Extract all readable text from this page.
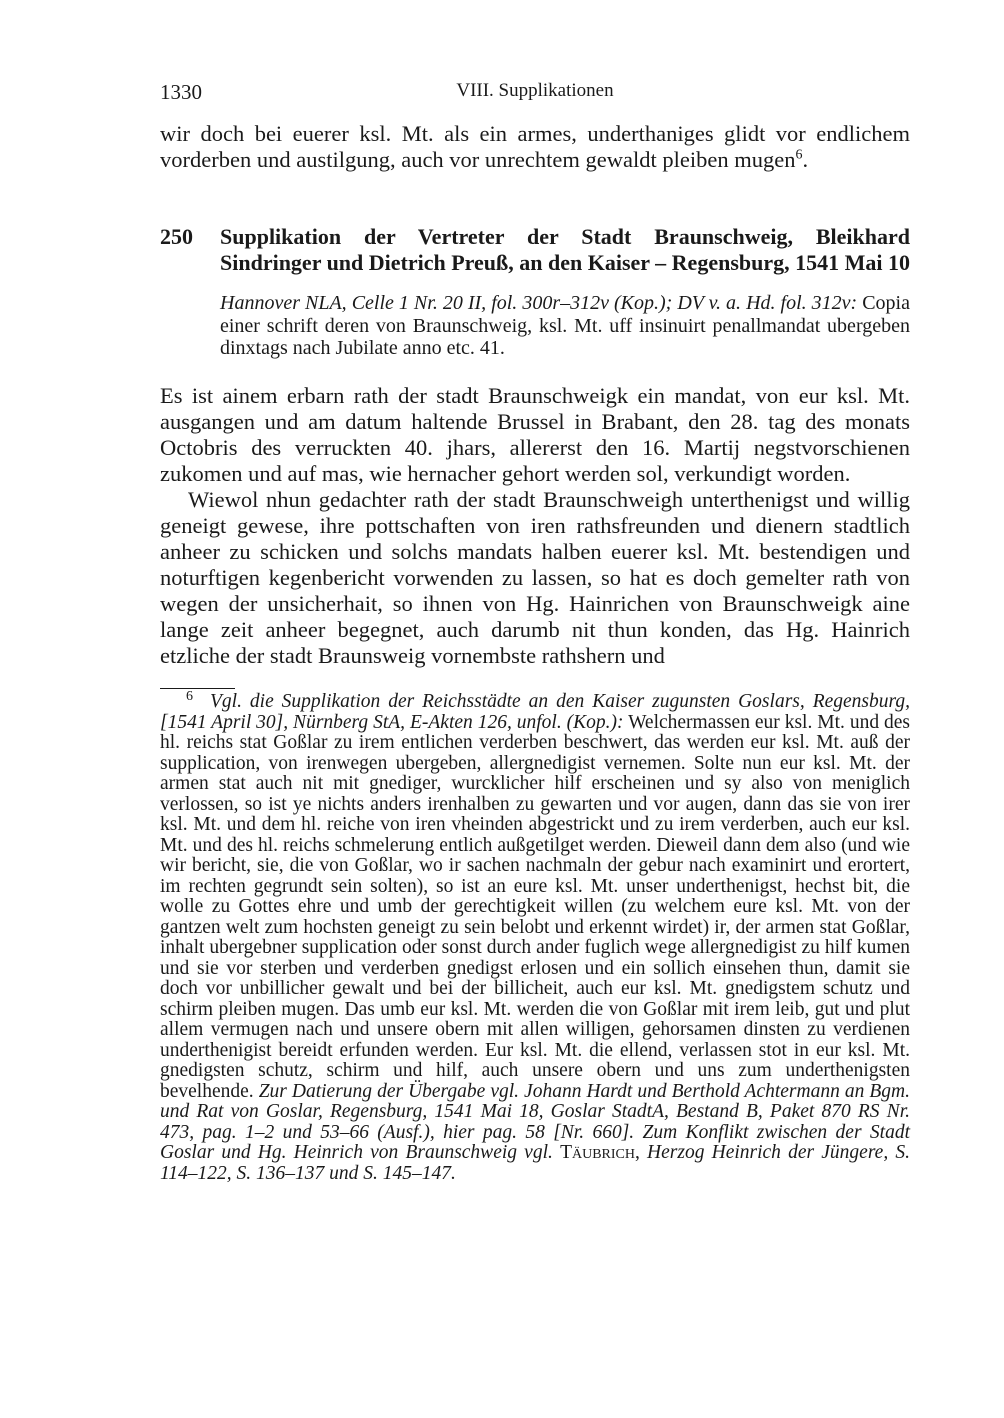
1330	VIII. Supplikationen

wir doch bei euerer ksl. Mt. als ein armes, underthaniges glidt vor endlichem vorderben und austilgung, auch vor unrechtem gewaldt pleiben mugen$^6$.

250 Supplikation der Vertreter der Stadt Braunschweig, Bleikhard Sindringer und Dietrich Preuß, an den Kaiser – Regensburg, 1541 Mai 10

Hannover NLA, Celle 1 Nr. 20 II, fol. 300r–312v (Kop.); DV v. a. Hd. fol. 312v: Copia einer schrift deren von Braunschweig, ksl. Mt. uff insinuirt penallmandat ubergeben dinxtags nach Jubilate anno etc. 41.

Es ist ainem erbarn rath der stadt Braunschweigk ein mandat, von eur ksl. Mt. ausgangen und am datum haltende Brussel in Brabant, den 28. tag des monats Octobris des verruckten 40. jhars, allererst den 16. Martij negstvorschienen zukomen und auf mas, wie hernacher gehort werden sol, verkundigt worden.

Wiewol nhun gedachter rath der stadt Braunschweigh unterthenigst und willig geneigt gewese, ihre pottschaften von iren rathsfreunden und dienern stadtlich anheer zu schicken und solchs mandats halben euerer ksl. Mt. bestendigen und noturftigen kegenbericht vorwenden zu lassen, so hat es doch gemelter rath von wegen der unsicherhait, so ihnen von Hg. Hainrichen von Braunschweigk aine lange zeit anheer begegnet, auch darumb nit thun konden, das Hg. Hainrich etzliche der stadt Braunsweig vornembste rathshern und

6 Vgl. die Supplikation der Reichsstädte an den Kaiser zugunsten Goslars, Regensburg, [1541 April 30], Nürnberg StA, E-Akten 126, unfol. (Kop.): Welchermassen eur ksl. Mt. und des hl. reichs stat Goßlar zu irem entlichen verderben beschwert, das werden eur ksl. Mt. auß der supplication, von irenwegen ubergeben, allergnedigist vernemen. Solte nun eur ksl. Mt. der armen stat auch nit mit gnediger, wurcklicher hilf erscheinen und sy also von meniglich verlossen, so ist ye nichts anders irenhalben zu gewarten und vor augen, dann das sie von irer ksl. Mt. und dem hl. reiche von iren vheinden abgestrickt und zu irem verderben, auch eur ksl. Mt. und des hl. reichs schmelerung entlich außgetilget werden. Dieweil dann dem also (und wie wir bericht, sie, die von Goßlar, wo ir sachen nachmaln der gebur nach examinirt und erortert, im rechten gegrundt sein solten), so ist an eure ksl. Mt. unser underthenigst, hechst bit, die wolle zu Gottes ehre und umb der gerechtigkeit willen (zu welchem eure ksl. Mt. von der gantzen welt zum hochsten geneigt zu sein belobt und erkennt wirdet) ir, der armen stat Goßlar, inhalt ubergebner supplication oder sonst durch ander fuglich wege allergnedigist zu hilf kumen und sie vor sterben und verderben gnedigst erlosen und ein sollich einsehen thun, damit sie doch vor unbillicher gewalt und bei der billicheit, auch eur ksl. Mt. gnedigstem schutz und schirm pleiben mugen. Das umb eur ksl. Mt. werden die von Goßlar mit irem leib, gut und plut allem vermugen nach und unsere obern mit allen willigen, gehorsamen dinsten zu verdienen underthenigist bereidt erfunden werden. Eur ksl. Mt. die ellend, verlassen stot in eur ksl. Mt. gnedigsten schutz, schirm und hilf, auch unsere obern und uns zum underthenigsten bevelhende. Zur Datierung der Übergabe vgl. Johann Hardt und Berthold Achtermann an Bgm. und Rat von Goslar, Regensburg, 1541 Mai 18, Goslar StadtA, Bestand B, Paket 870 RS Nr. 473, pag. 1–2 und 53–66 (Ausf.), hier pag. 58 [Nr. 660]. Zum Konflikt zwischen der Stadt Goslar und Hg. Heinrich von Braunschweig vgl. Täubrich, Herzog Heinrich der Jüngere, S. 114–122, S. 136–137 und S. 145–147.
